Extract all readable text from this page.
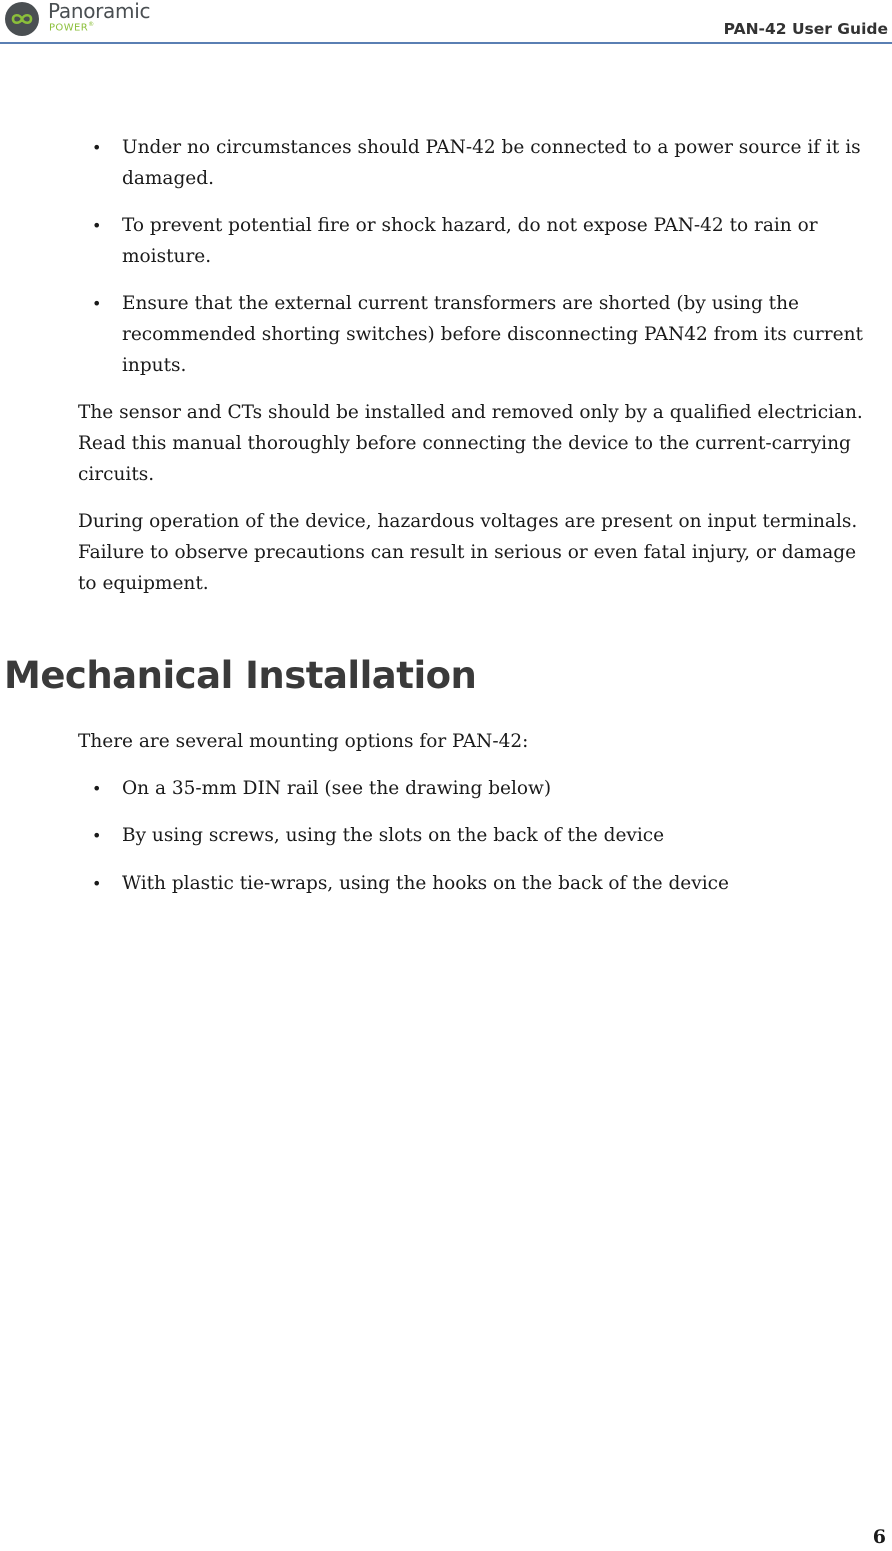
Panoramic
POWER®	PAN-42 User Guide
• Under no circumstances should PAN-42 be connected to a power source if it is damaged.
• To prevent potential fire or shock hazard, do not expose PAN-42 to rain or moisture.
• Ensure that the external current transformers are shorted (by using the recommended shorting switches) before disconnecting PAN42 from its current inputs.
The sensor and CTs should be installed and removed only by a qualified electrician. Read this manual thoroughly before connecting the device to the current-carrying circuits.
During operation of the device, hazardous voltages are present on input terminals. Failure to observe precautions can result in serious or even fatal injury, or damage to equipment.
Mechanical Installation
There are several mounting options for PAN-42:
• On a 35-mm DIN rail (see the drawing below)
• By using screws, using the slots on the back of the device
• With plastic tie-wraps, using the hooks on the back of the device
6
